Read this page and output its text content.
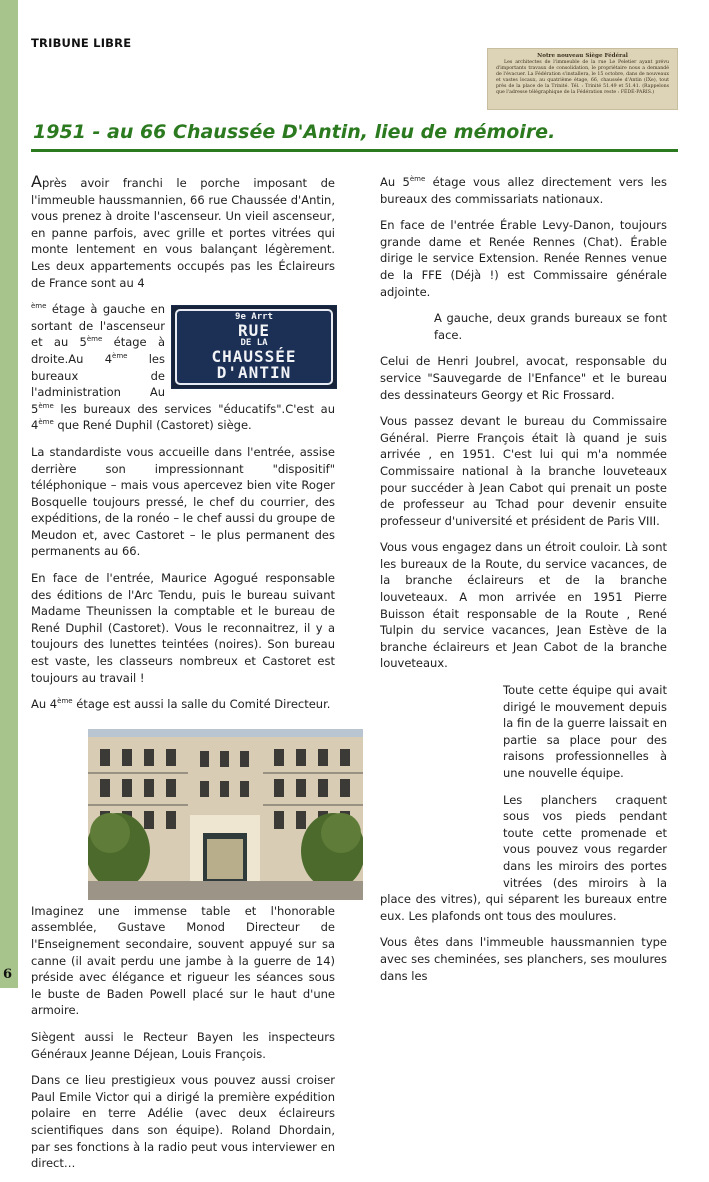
6
TRIBUNE LIBRE
Notre nouveau Siège Fédéral
Les architectes de l'immeuble de la rue Le Peletier ayant prévu d'importants travaux de consolidation, le propriétaire nous a demandé de l'évacuer. La Fédération s'installera, le 15 octobre, dans de nouveaux et vastes locaux, au quatrième étage, 66, chaussée d'Antin (IXe), tout près de la place de la Trinité. Tél. : Trinité 51.49 et 51.41. (Rappelons que l'adresse télégraphique de la Fédération reste : FÉDÉ-PARIS.)
1951 - au 66 Chaussée D'Antin, lieu de mémoire.

Après avoir franchi le porche imposant de l'immeuble haussmannien, 66 rue Chaussée d'Antin, vous prenez à droite l'ascenseur. Un vieil ascenseur, en panne parfois, avec grille et portes vitrées qui monte lentement en vous balançant légèrement. Les deux appartements occupés pas les Éclaireurs de France sont au 4

9e Arrt
RUE
DE LA
CHAUSSÉE
D'ANTIN
$^{ème}$ étage à gauche en sortant de l'ascenseur et au 5ème étage à droite.Au 4ème les bureaux de l'administration Au 5ème les bureaux des services "éducatifs".C'est au 4ème que René Duphil (Castoret) siège.

La standardiste vous accueille dans l'entrée, assise derrière son impressionnant "dispositif" téléphonique – mais vous apercevez bien vite Roger Bosquelle toujours pressé, le chef du courrier, des expéditions, de la ronéo – le chef aussi du groupe de Meudon et, avec Castoret – le plus permanent des permanents au 66.

En face de l'entrée, Maurice Agogué responsable des éditions de l'Arc Tendu, puis le bureau suivant Madame Theunissen la comptable et le bureau de René Duphil (Castoret). Vous le reconnaitrez, il y a toujours des lunettes teintées (noires). Son bureau est vaste, les classeurs nombreux et Castoret est toujours au travail !

Au 4ème étage est aussi la salle du Comité Directeur.

Imaginez une immense table et l'honorable assemblée, Gustave Monod Directeur de l'Enseignement secondaire, souvent appuyé sur sa canne (il avait perdu une jambe à la guerre de 14) préside avec élégance et rigueur les séances sous le buste de Baden Powell placé sur le haut d'une armoire.

Siègent aussi le Recteur Bayen les inspecteurs Généraux Jeanne Déjean, Louis François.

Dans ce lieu prestigieux vous pouvez aussi croiser Paul Emile Victor qui a dirigé la première expédition polaire en terre Adélie (avec deux éclaireurs scientifiques dans son équipe). Roland Dhordain, par ses fonctions à la radio peut vous interviewer en direct…

Au 5ème étage vous allez directement vers les bureaux des commissariats nationaux.

En face de l'entrée Érable Levy-Danon, toujours grande dame et Renée Rennes (Chat). Érable dirige le service Extension. Renée Rennes venue de la FFE (Déjà !) est Commissaire générale adjointe.

A gauche, deux grands bureaux se font face.

Celui de Henri Joubrel, avocat, responsable du service "Sauvegarde de l'Enfance" et le bureau des dessinateurs Georgy et Ric Frossard.

Vous passez devant le bureau du Commissaire Général. Pierre François était là quand je suis arrivée , en 1951. C'est lui qui m'a nommée Commissaire national à la branche louveteaux pour succéder à Jean Cabot qui prenait un poste de professeur au Tchad pour devenir ensuite professeur d'université et président de Paris VIII.

Vous vous engagez dans un étroit couloir. Là sont les bureaux de la Route, du service vacances, de la branche éclaireurs et de la branche louveteaux. A mon arrivée en 1951 Pierre Buisson était responsable de la Route , René Tulpin du service vacances, Jean Estève de la branche éclaireurs et Jean Cabot de la branche louveteaux.

Toute cette équipe qui avait dirigé le mouvement depuis la fin de la guerre laissait en partie sa place pour des raisons professionnelles à une nouvelle équipe.

Les planchers craquent sous vos pieds pendant toute cette promenade et vous pouvez vous regarder dans les miroirs des portes vitrées (des miroirs à la place des vitres), qui séparent les bureaux entre eux. Les plafonds ont tous des moulures.

Vous êtes dans l'immeuble haussmannien type avec ses cheminées, ses planchers, ses moulures dans les
